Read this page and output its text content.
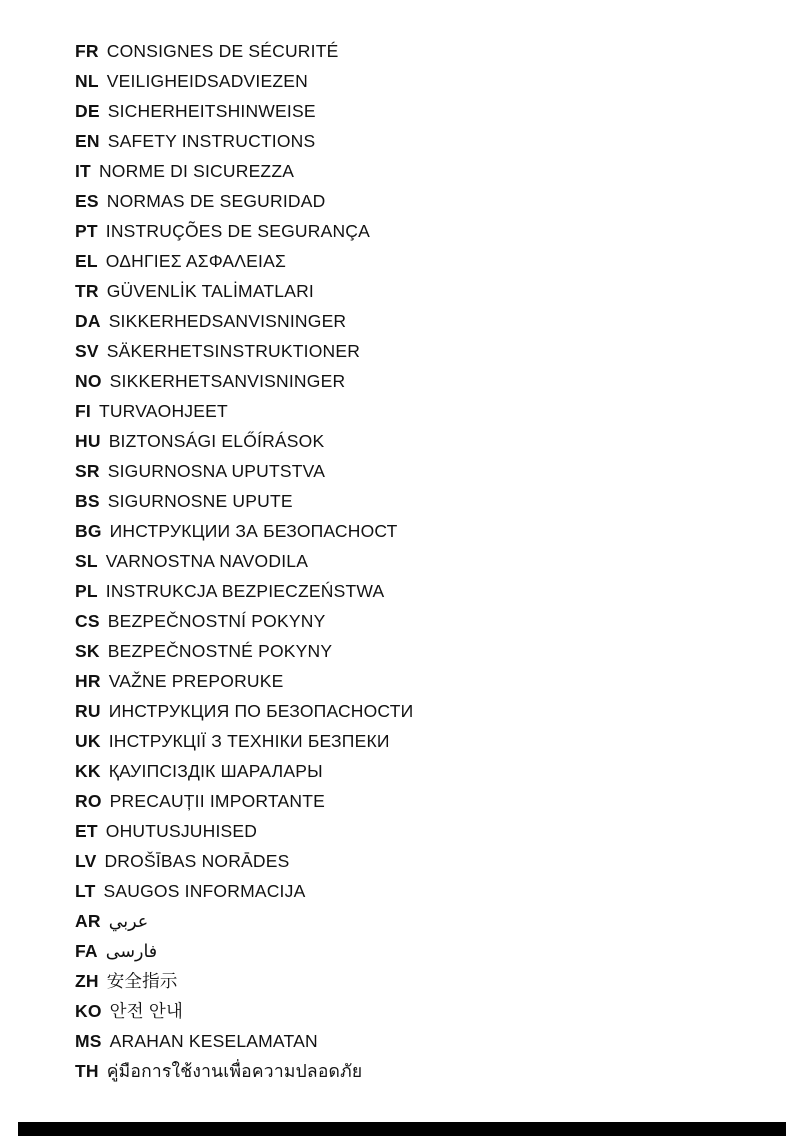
FR CONSIGNES DE SÉCURITÉ
NL VEILIGHEIDSADVIEZEN
DE SICHERHEITSHINWEISE
EN SAFETY INSTRUCTIONS
IT NORME DI SICUREZZA
ES NORMAS DE SEGURIDAD
PT INSTRUÇÕES DE SEGURANÇA
EL ΟΔΗΓΙΕΣ ΑΣΦΑΛΕΙΑΣ
TR GÜVENLİK TALİMATLARI
DA SIKKERHEDSANVISNINGER
SV SÄKERHETSINSTRUKTIONER
NO SIKKERHETSANVISNINGER
FI TURVAOHJEET
HU BIZTONSÁGI ELŐÍRÁSOK
SR SIGURNOSNA UPUTSTVA
BS SIGURNOSNE UPUTE
BG ИНСТРУКЦИИ ЗА БЕЗОПАСНОСТ
SL VARNOSTNA NAVODILA
PL INSTRUKCJA BEZPIECZEŃSTWA
CS BEZPEČNOSTNÍ POKYNY
SK BEZPEČNOSTNÉ POKYNY
HR VAŽNE PREPORUKE
RU ИНСТРУКЦИЯ ПО БЕЗОПАСНОСТИ
UK ІНСТРУКЦІЇ З ТЕХНІКИ БЕЗПЕКИ
KK ҚАУІПСІЗДІК ШАРАЛАРЫ
RO PRECAUȚII IMPORTANTE
ET OHUTUSJUHISED
LV DROŠĪBAS NORĀDES
LT SAUGOS INFORMACIJA
AR عربي
FA فارسى
ZH 安全指示
KO 안전 안내
MS ARAHAN KESELAMATAN
TH คู่มือการใช้งานเพื่อความปลอดภัย
